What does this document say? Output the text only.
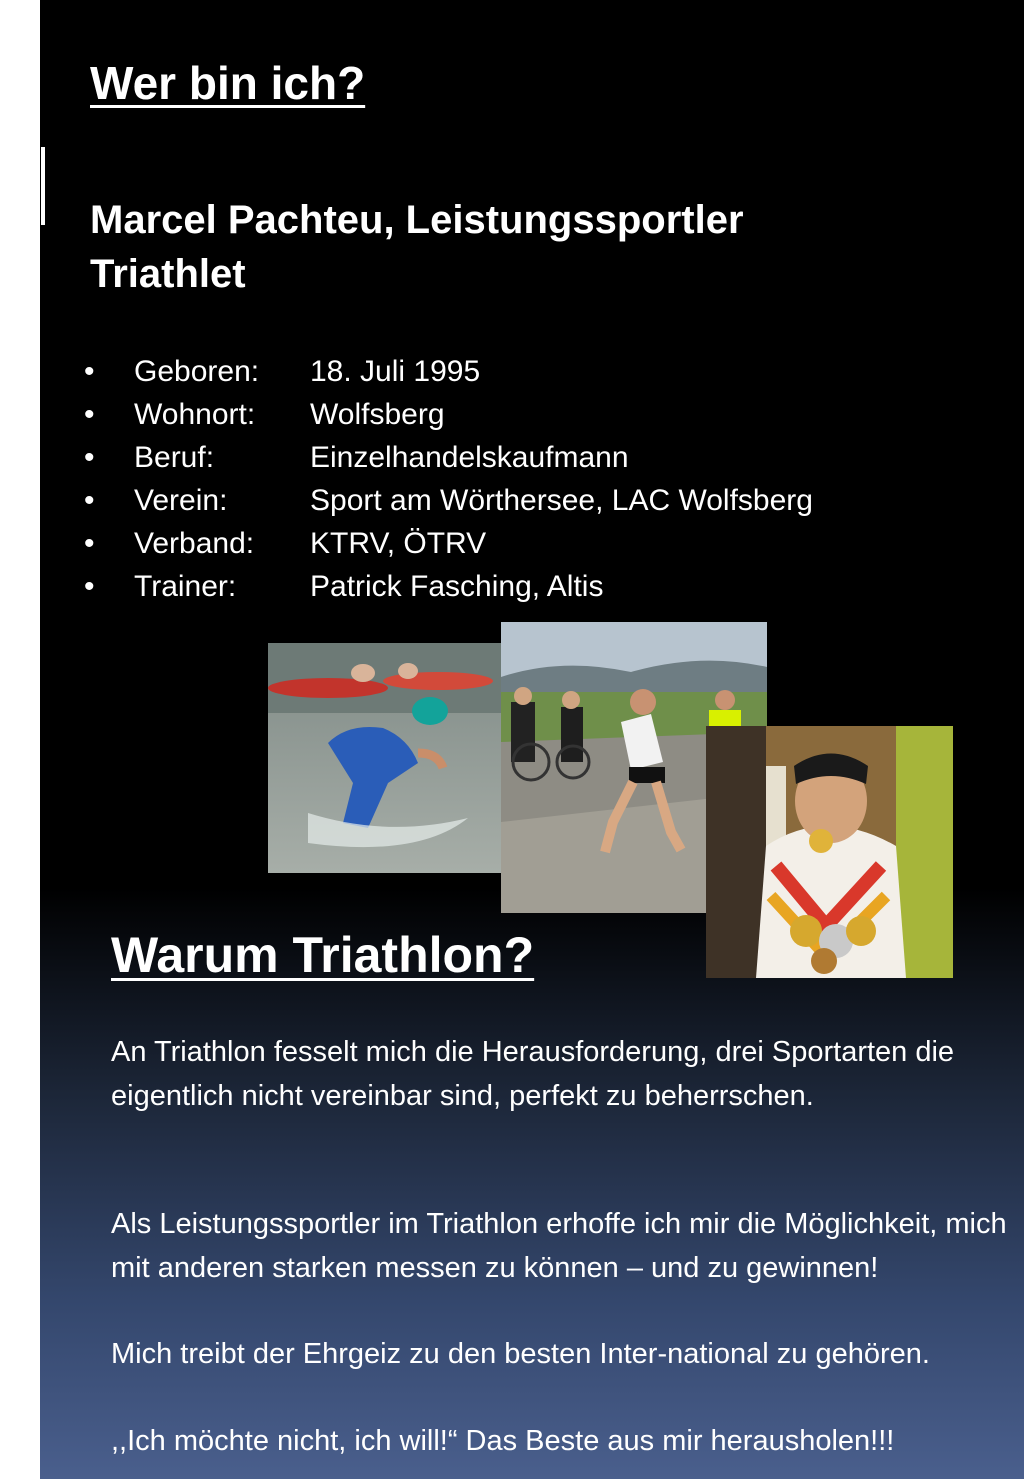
Wer bin ich?
Marcel Pachteu, Leistungssportler
Triathlet
•	Geboren:	18. Juli 1995
•	Wohnort:	Wolfsberg
•	Beruf:	Einzelhandelskaufmann
•	Verein:	Sport am Wörthersee, LAC Wolfsberg
•	Verband:	KTRV, ÖTRV
•	Trainer:	Patrick Fasching, Altis
Warum Triathlon?

An Triathlon fesselt mich die Herausforderung, drei Sportarten die eigentlich nicht vereinbar sind, perfekt zu beherrschen.

Als Leistungssportler im Triathlon erhoffe ich mir die Möglichkeit, mich mit anderen starken messen zu können – und zu gewinnen!

Mich treibt der Ehrgeiz zu den besten Inter-national zu gehören.

,,Ich möchte nicht, ich will!“ Das Beste aus mir herausholen!!!
